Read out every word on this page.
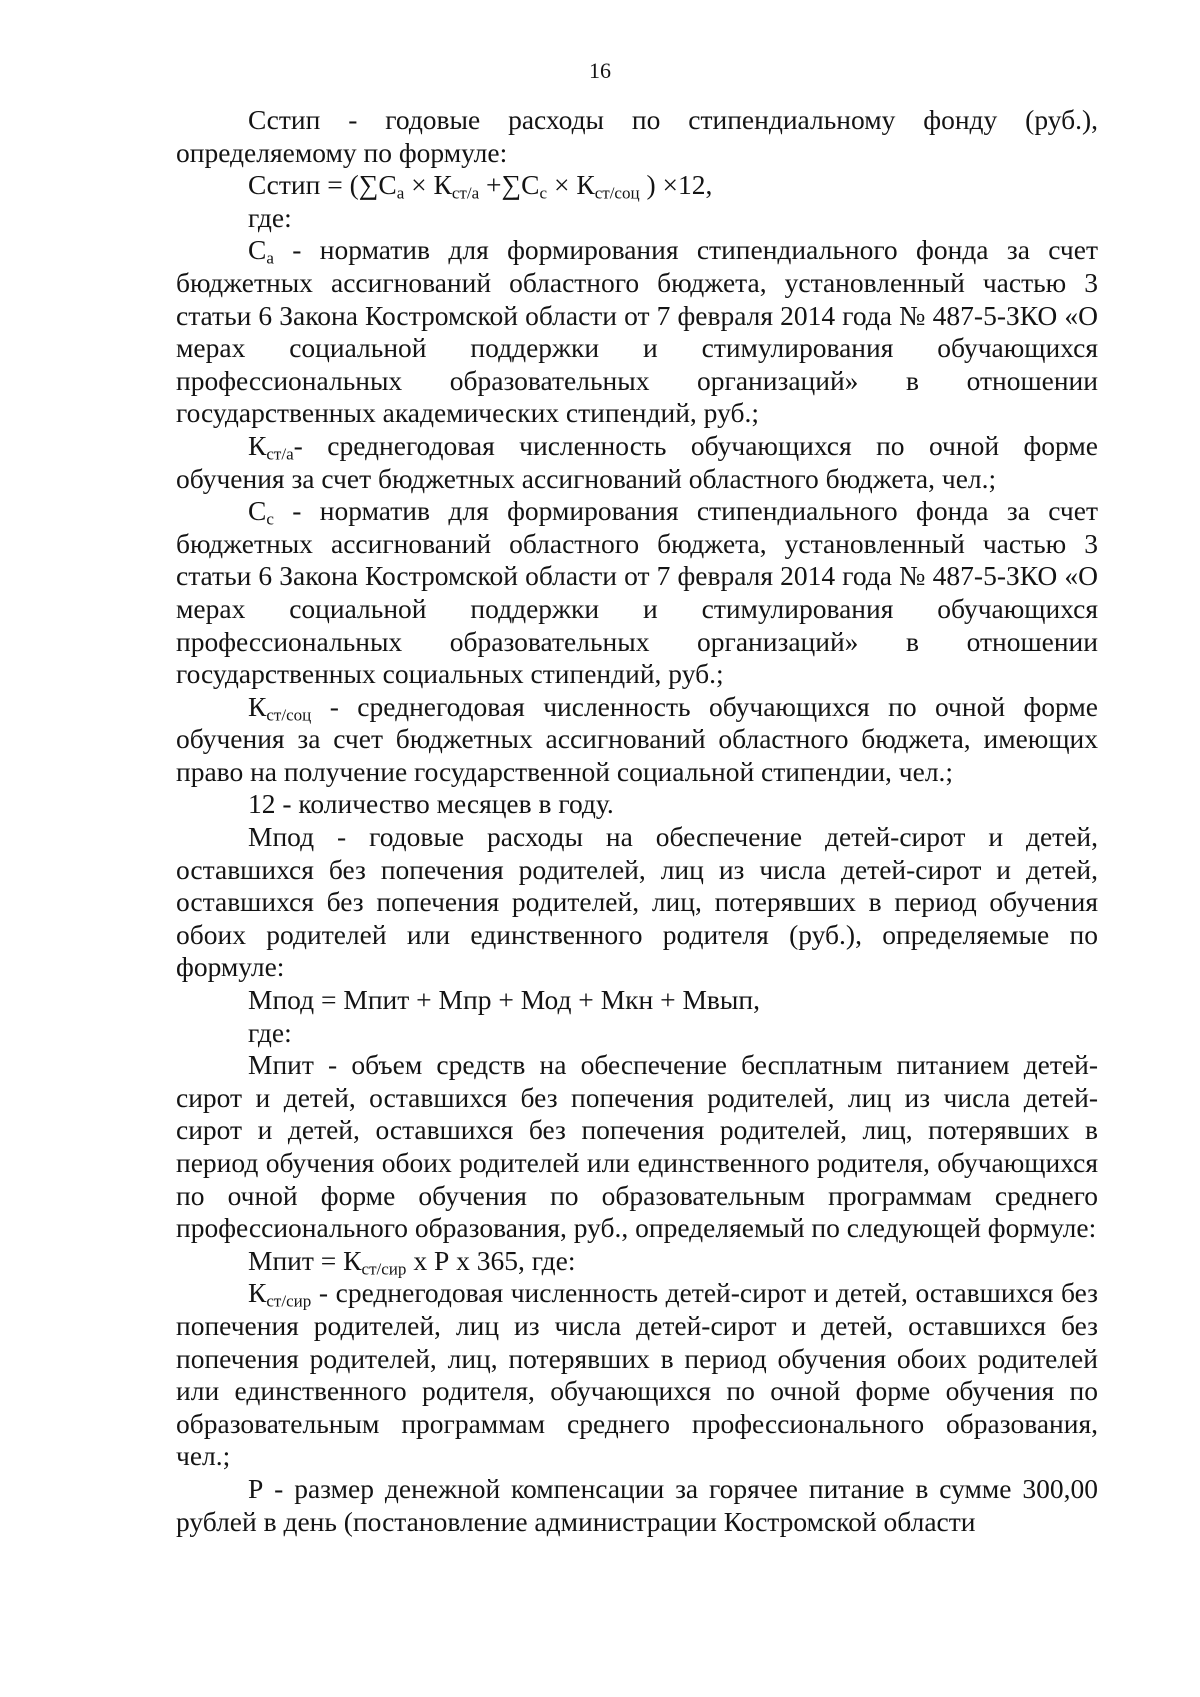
16

Сстип - годовые расходы по стипендиальному фонду (руб.), определяемому по формуле:

Сстип = ($\sum С_а \times К_{ст/а} +\sum С_с \times К_{ст/соц}$ ) ×12,

где:

$С_а$ - норматив для формирования стипендиального фонда за счет бюджетных ассигнований областного бюджета, установленный частью 3 статьи 6 Закона Костромской области от 7 февраля 2014 года № 487-5-ЗКО «О мерах социальной поддержки и стимулирования обучающихся профессиональных образовательных организаций» в отношении государственных академических стипендий, руб.;

$К_{ст/а}-$ среднегодовая численность обучающихся по очной форме обучения за счет бюджетных ассигнований областного бюджета, чел.;

$С_с$ - норматив для формирования стипендиального фонда за счет бюджетных ассигнований областного бюджета, установленный частью 3 статьи 6 Закона Костромской области от 7 февраля 2014 года № 487-5-ЗКО «О мерах социальной поддержки и стимулирования обучающихся профессиональных образовательных организаций» в отношении государственных социальных стипендий, руб.;

$К_{ст/соц}$ - среднегодовая численность обучающихся по очной форме обучения за счет бюджетных ассигнований областного бюджета, имеющих право на получение государственной социальной стипендии, чел.;

12 - количество месяцев в году.

Мпод - годовые расходы на обеспечение детей-сирот и детей, оставшихся без попечения родителей, лиц из числа детей-сирот и детей, оставшихся без попечения родителей, лиц, потерявших в период обучения обоих родителей или единственного родителя (руб.), определяемые по формуле:

Мпод = Мпит + Мпр + Мод + Мкн + Мвып,

где:

Мпит - объем средств на обеспечение бесплатным питанием детей-сирот и детей, оставшихся без попечения родителей, лиц из числа детей-сирот и детей, оставшихся без попечения родителей, лиц, потерявших в период обучения обоих родителей или единственного родителя, обучающихся по очной форме обучения по образовательным программам среднего профессионального образования, руб., определяемый по следующей формуле:

Мпит = $К_{ст/сир}$ х Р х 365, где:

$К_{ст/сир}$ - среднегодовая численность детей-сирот и детей, оставшихся без попечения родителей, лиц из числа детей-сирот и детей, оставшихся без попечения родителей, лиц, потерявших в период обучения обоих родителей или единственного родителя, обучающихся по очной форме обучения по образовательным программам среднего профессионального образования, чел.;

Р - размер денежной компенсации за горячее питание в сумме 300,00 рублей в день (постановление администрации Костромской области
